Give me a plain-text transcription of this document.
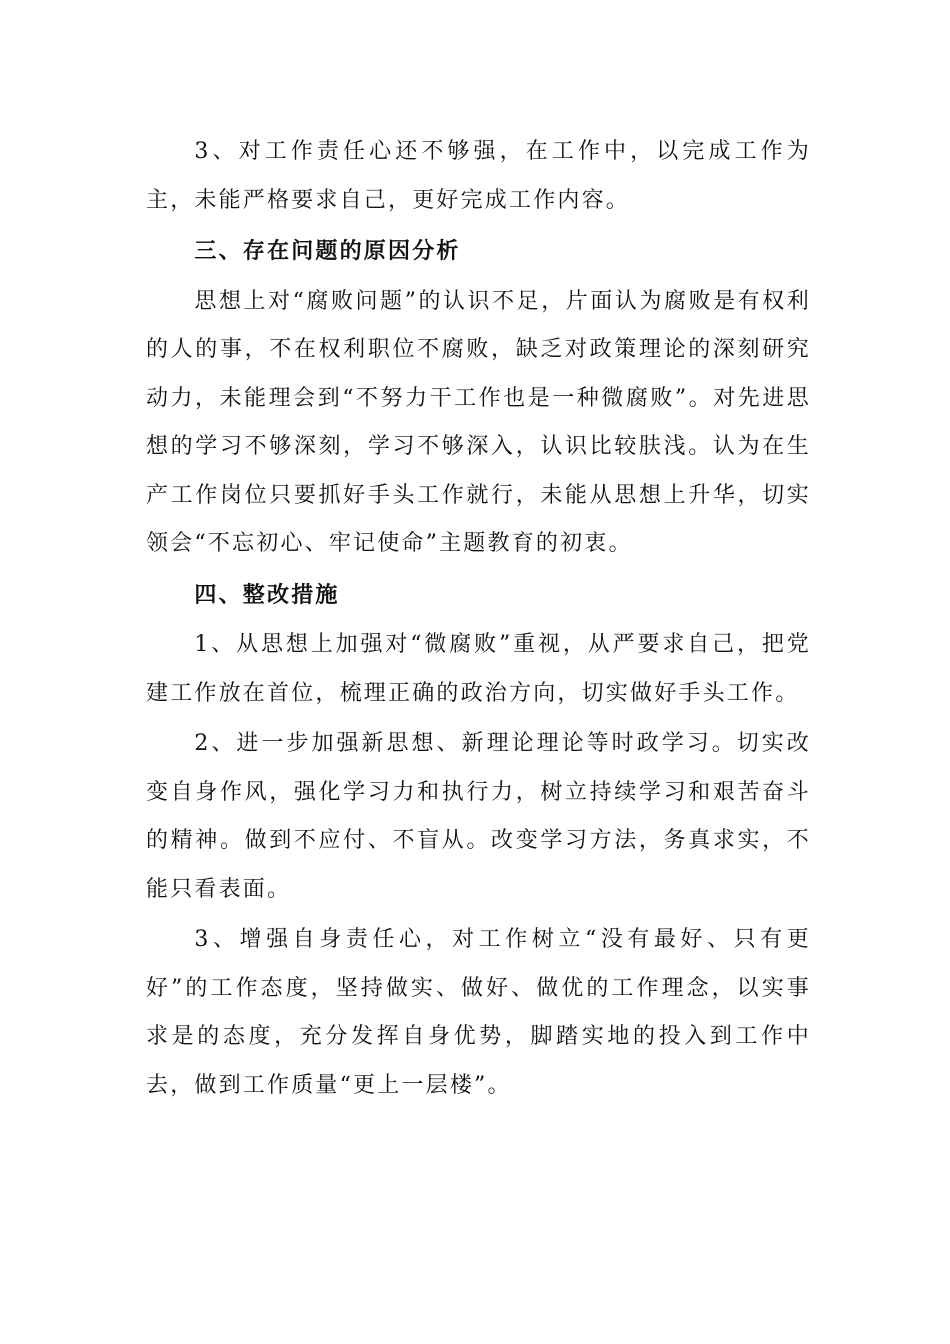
3、对工作责任心还不够强，在工作中，以完成工作为主，未能严格要求自己，更好完成工作内容。

三、存在问题的原因分析

思想上对“腐败问题”的认识不足，片面认为腐败是有权利的人的事，不在权利职位不腐败，缺乏对政策理论的深刻研究动力，未能理会到“不努力干工作也是一种微腐败”。对先进思想的学习不够深刻，学习不够深入，认识比较肤浅。认为在生产工作岗位只要抓好手头工作就行，未能从思想上升华，切实领会“不忘初心、牢记使命”主题教育的初衷。

四、整改措施

1、从思想上加强对“微腐败”重视，从严要求自己，把党建工作放在首位，梳理正确的政治方向，切实做好手头工作。

2、进一步加强新思想、新理论理论等时政学习。切实改变自身作风，强化学习力和执行力，树立持续学习和艰苦奋斗的精神。做到不应付、不盲从。改变学习方法，务真求实，不能只看表面。

3、增强自身责任心，对工作树立“没有最好、只有更好”的工作态度，坚持做实、做好、做优的工作理念，以实事求是的态度，充分发挥自身优势，脚踏实地的投入到工作中去，做到工作质量“更上一层楼”。
